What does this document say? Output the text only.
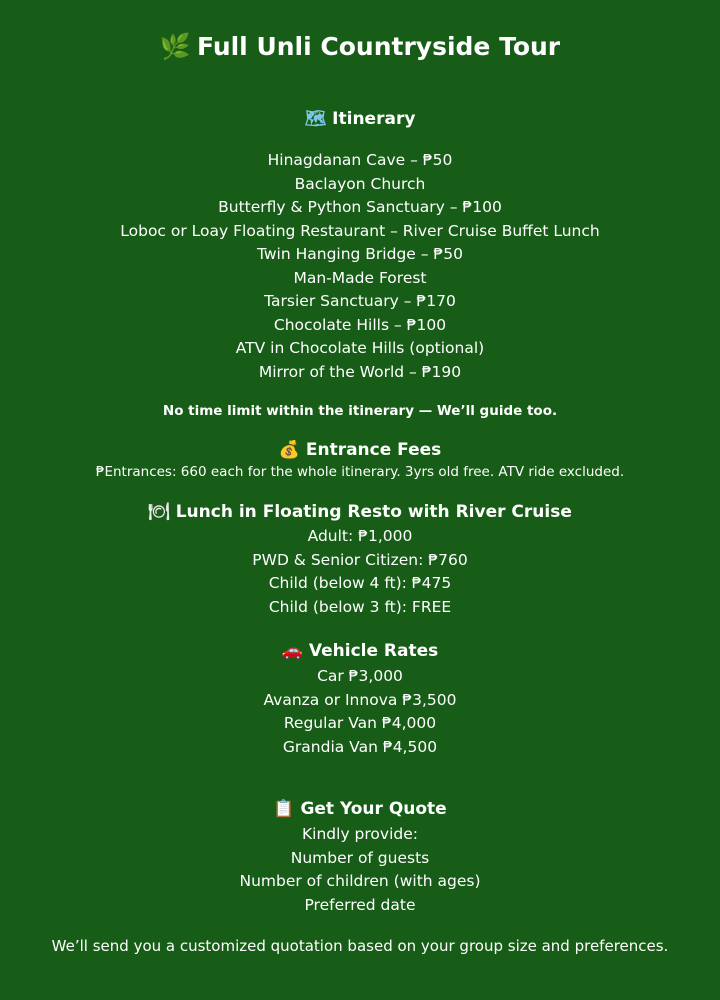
🌿 Full Unli Countryside Tour
🗺 Itinerary
Hinagdanan Cave – ₱50
Baclayon Church
Butterfly & Python Sanctuary – ₱100
Loboc or Loay Floating Restaurant – River Cruise Buffet Lunch
Twin Hanging Bridge – ₱50
Man-Made Forest
Tarsier Sanctuary – ₱170
Chocolate Hills – ₱100
ATV in Chocolate Hills (optional)
Mirror of the World – ₱190
No time limit within the itinerary — We’ll guide too.
💰 Entrance Fees
₱Entrances: 660 each for the whole itinerary. 3yrs old free. ATV ride excluded.
🍽 Lunch in Floating Resto with River Cruise
Adult: ₱1,000
PWD & Senior Citizen: ₱760
Child (below 4 ft): ₱475
Child (below 3 ft): FREE
🚗 Vehicle Rates
Car ₱3,000
Avanza or Innova ₱3,500
Regular Van ₱4,000
Grandia Van ₱4,500
📋 Get Your Quote
Kindly provide:
Number of guests
Number of children (with ages)
Preferred date
We’ll send you a customized quotation based on your group size and preferences.
